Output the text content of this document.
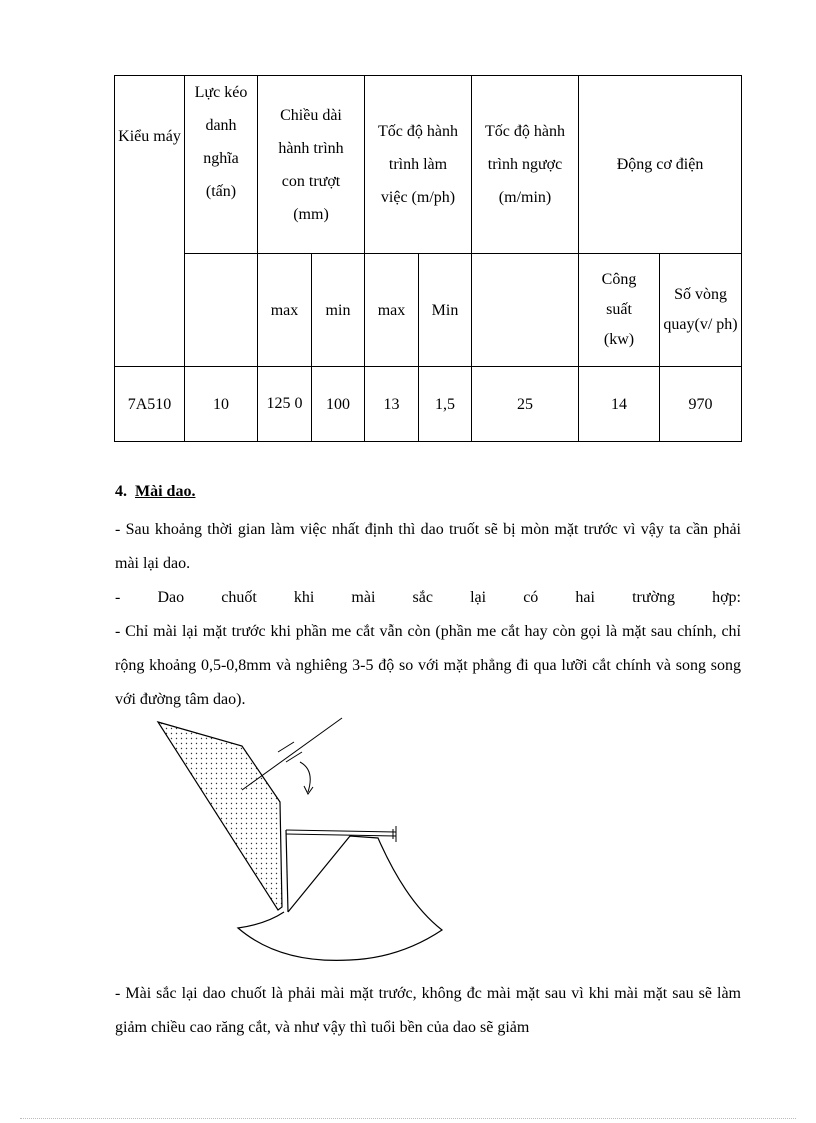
Kiểu máy	Lực kéo danh nghĩa (tấn)	Chiều dài hành trình con trượt (mm)		Tốc độ hành trình làm việc (m/ph)		Tốc độ hành trình ngược (m/min)	Động cơ điện	
		max	min	max	Min		Công suất (kw)	Số vòng quay(v/ ph)
7A510	10	125 0	100	13	1,5	25	14	970
4. Mài dao.
- Sau khoảng thời gian làm việc nhất định thì dao truốt sẽ bị mòn mặt trước vì vậy ta cần phải mài lại dao.
- Dao chuốt khi mài sắc lại có hai trường hợp:
- Chỉ mài lại mặt trước khi phần me cắt vẫn còn (phần me cắt hay còn gọi là mặt sau chính, chỉ rộng khoảng 0,5-0,8mm và nghiêng 3-5 độ so với mặt phẳng đi qua lưỡi cắt chính và song song với đường tâm dao).
- Mài sắc lại dao chuốt là phải mài mặt trước, không đc mài mặt sau vì khi mài mặt sau sẽ làm giảm chiều cao răng cắt, và như vậy thì tuổi bền của dao sẽ giảm
